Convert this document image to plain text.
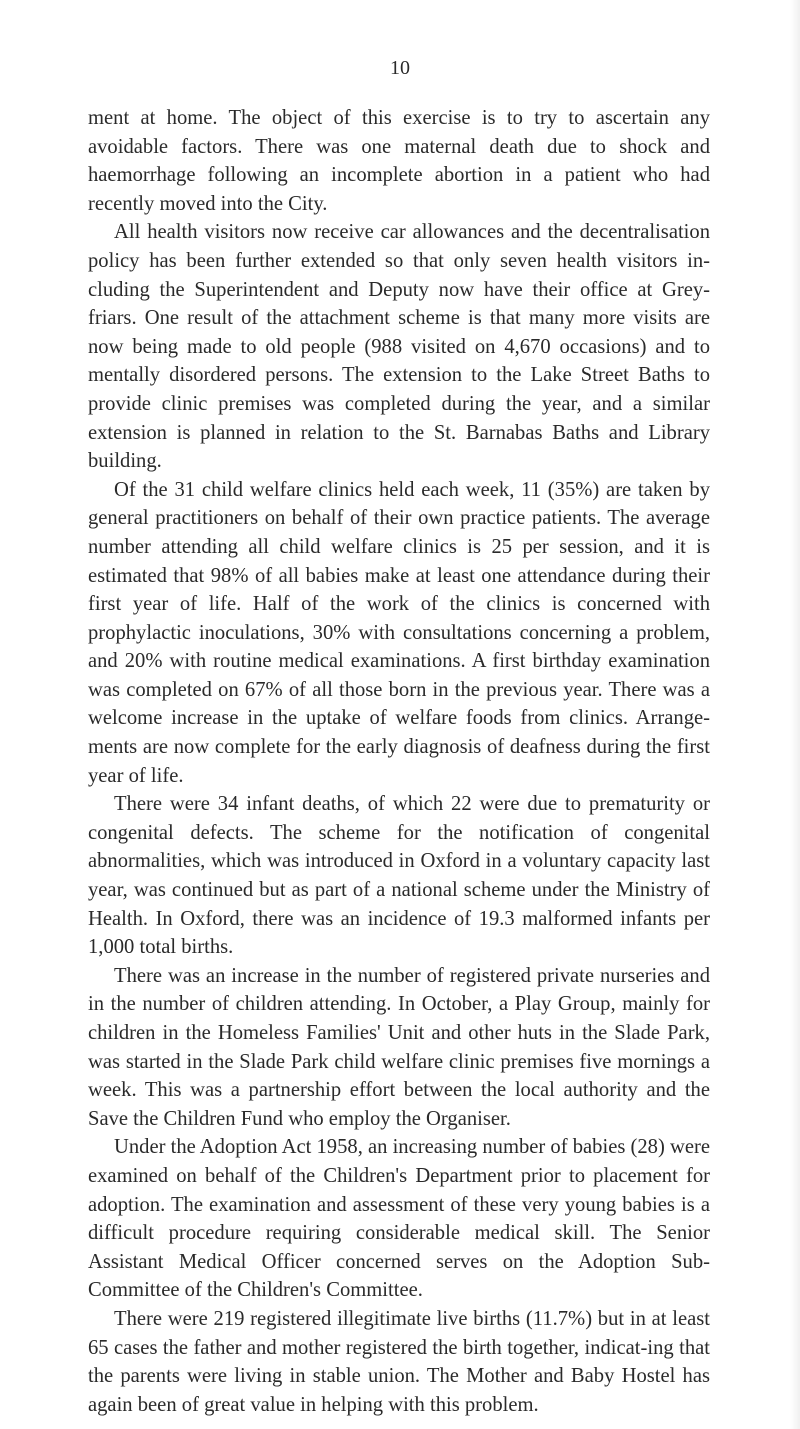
10

ment at home. The object of this exercise is to try to ascertain any avoidable factors. There was one maternal death due to shock and haemorrhage following an incomplete abortion in a patient who had recently moved into the City.

All health visitors now receive car allowances and the decentralisation policy has been further extended so that only seven health visitors in-cluding the Superintendent and Deputy now have their office at Grey-friars. One result of the attachment scheme is that many more visits are now being made to old people (988 visited on 4,670 occasions) and to mentally disordered persons. The extension to the Lake Street Baths to provide clinic premises was completed during the year, and a similar extension is planned in relation to the St. Barnabas Baths and Library building.

Of the 31 child welfare clinics held each week, 11 (35%) are taken by general practitioners on behalf of their own practice patients. The average number attending all child welfare clinics is 25 per session, and it is estimated that 98% of all babies make at least one attendance during their first year of life. Half of the work of the clinics is concerned with prophylactic inoculations, 30% with consultations concerning a problem, and 20% with routine medical examinations. A first birthday examination was completed on 67% of all those born in the previous year. There was a welcome increase in the uptake of welfare foods from clinics. Arrange-ments are now complete for the early diagnosis of deafness during the first year of life.

There were 34 infant deaths, of which 22 were due to prematurity or congenital defects. The scheme for the notification of congenital abnormalities, which was introduced in Oxford in a voluntary capacity last year, was continued but as part of a national scheme under the Ministry of Health. In Oxford, there was an incidence of 19.3 malformed infants per 1,000 total births.

There was an increase in the number of registered private nurseries and in the number of children attending. In October, a Play Group, mainly for children in the Homeless Families' Unit and other huts in the Slade Park, was started in the Slade Park child welfare clinic premises five mornings a week. This was a partnership effort between the local authority and the Save the Children Fund who employ the Organiser.

Under the Adoption Act 1958, an increasing number of babies (28) were examined on behalf of the Children's Department prior to placement for adoption. The examination and assessment of these very young babies is a difficult procedure requiring considerable medical skill. The Senior Assistant Medical Officer concerned serves on the Adoption Sub-Committee of the Children's Committee.

There were 219 registered illegitimate live births (11.7%) but in at least 65 cases the father and mother registered the birth together, indicat-ing that the parents were living in stable union. The Mother and Baby Hostel has again been of great value in helping with this problem.
